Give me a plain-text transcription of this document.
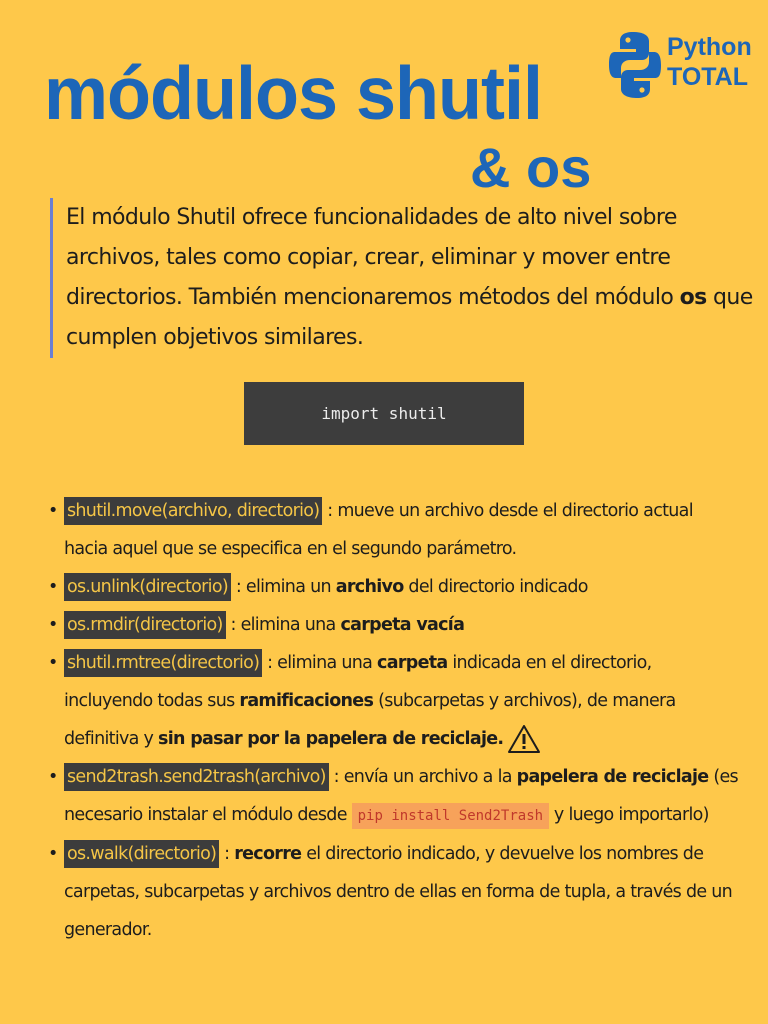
módulos shutil
& os
Python
TOTAL
El módulo Shutil ofrece funcionalidades de alto nivel sobre archivos, tales como copiar, crear, eliminar y mover entre directorios. También mencionaremos métodos del módulo os que cumplen objetivos similares.
import shutil
• shutil.move(archivo, directorio) : mueve un archivo desde el directorio actual hacia aquel que se especifica en el segundo parámetro.
• os.unlink(directorio) : elimina un archivo del directorio indicado
• os.rmdir(directorio) : elimina una carpeta vacía
• shutil.rmtree(directorio) : elimina una carpeta indicada en el directorio, incluyendo todas sus ramificaciones (subcarpetas y archivos), de manera definitiva y sin pasar por la papelera de reciclaje.
• send2trash.send2trash(archivo) : envía un archivo a la papelera de reciclaje (es necesario instalar el módulo desde pip install Send2Trash y luego importarlo)
• os.walk(directorio) : recorre el directorio indicado, y devuelve los nombres de carpetas, subcarpetas y archivos dentro de ellas en forma de tupla, a través de un generador.
